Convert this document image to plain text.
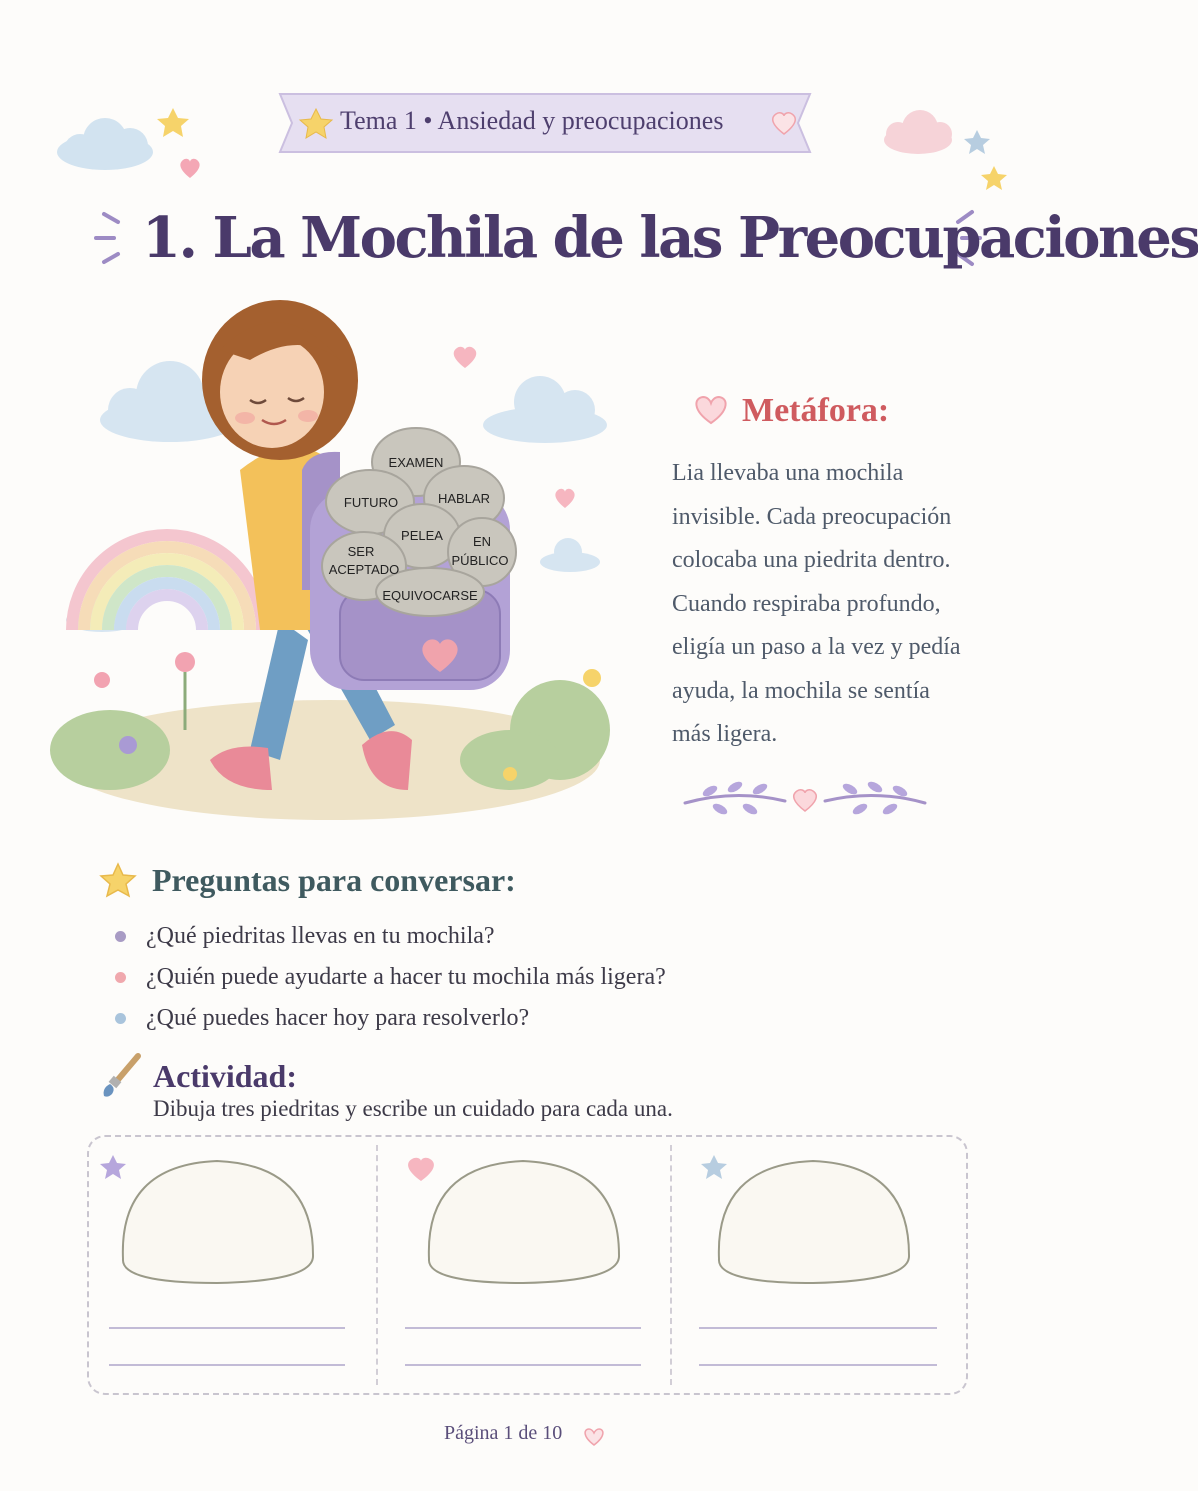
Tema 1 • Ansiedad y preocupaciones
1. La Mochila de las Preocupaciones
EXAMEN
FUTURO	HABLAR
PELEA EN
PÚBLICO
SER
ACEPTADO
EQUIVOCARSE
Metáfora:
Lia llevaba una mochila
invisible. Cada preocupación
colocaba una piedrita dentro.
Cuando respiraba profundo,
eligía un paso a la vez y pedía
ayuda, la mochila se sentía
más ligera.
Preguntas para conversar:
¿Qué piedritas llevas en tu mochila?
¿Quién puede ayudarte a hacer tu mochila más ligera?
¿Qué puedes hacer hoy para resolverlo?
Actividad:
Dibuja tres piedritas y escribe un cuidado para cada una.
Página 1 de 10
